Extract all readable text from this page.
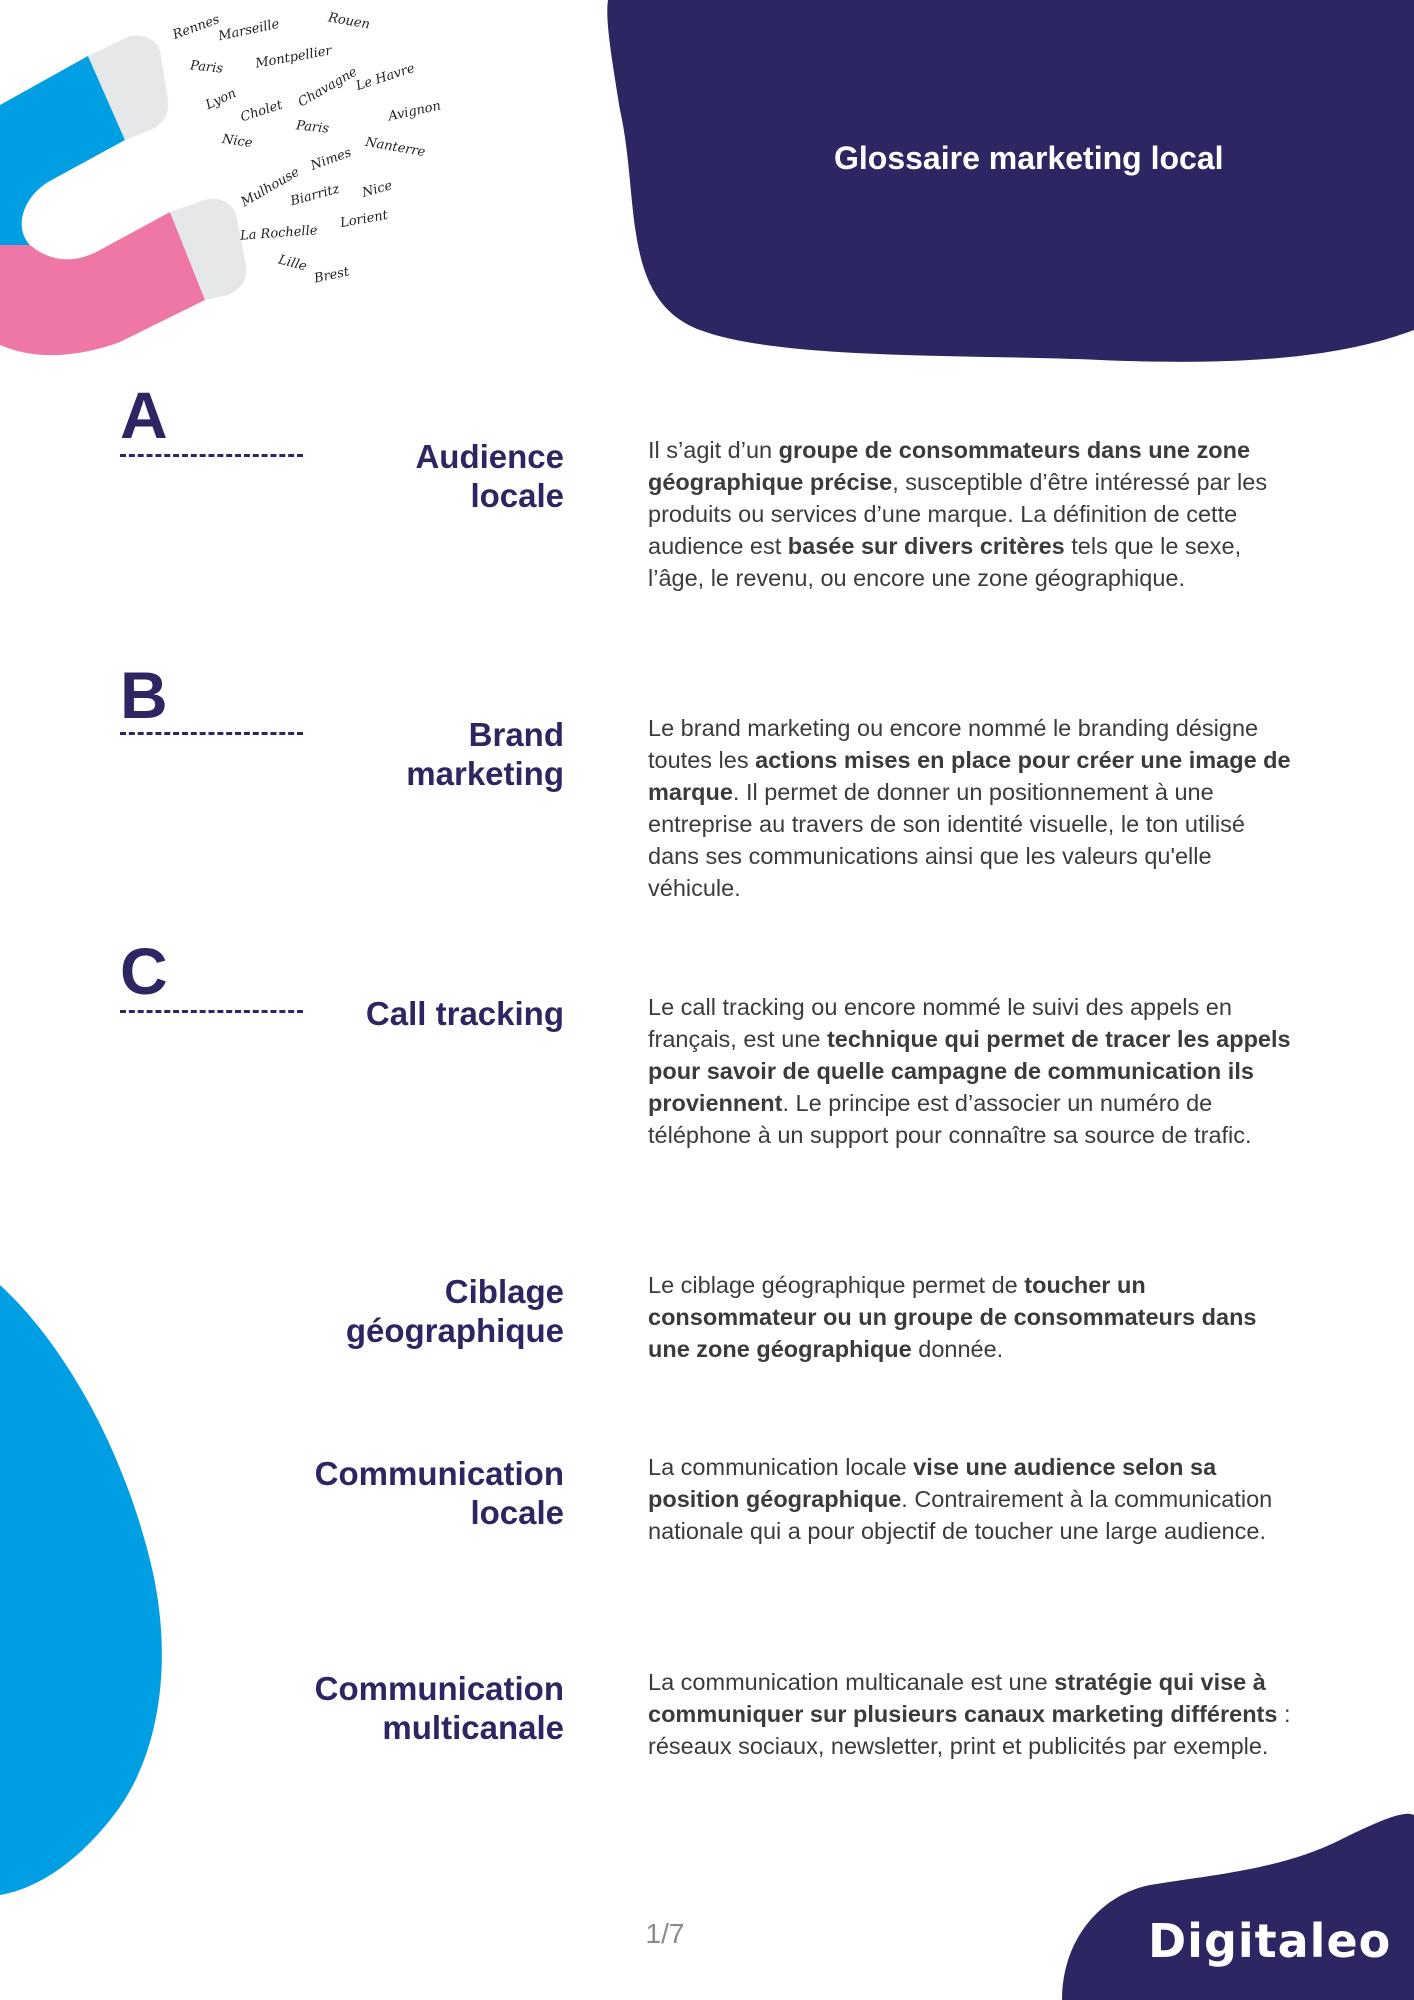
Rennes
Marseille	Rouen
Paris Montpellier
Lyon Cholet
Chavagne
Le Havre
Avignon
Nice
Paris
Nanterre
Mulhouse
Nimes
Biarritz Nice
La Rochelle
Lorient
Lille
Brest
Glossaire marketing local
A
B
C
Audience
locale
Il s’agit d’un groupe de consommateurs dans une zone géographique précise, susceptible d’être intéressé par les produits ou services d’une marque. La définition de cette audience est basée sur divers critères tels que le sexe, l’âge, le revenu, ou encore une zone géographique.
Brand
marketing
Le brand marketing ou encore nommé le branding désigne toutes les actions mises en place pour créer une image de marque. Il permet de donner un positionnement à une entreprise au travers de son identité visuelle, le ton utilisé dans ses communications ainsi que les valeurs qu'elle véhicule.
Call tracking	Le call tracking ou encore nommé le suivi des appels en français, est une technique qui permet de tracer les appels pour savoir de quelle campagne de communication ils proviennent. Le principe est d’associer un numéro de téléphone à un support pour connaître sa source de trafic.
Ciblage
géographique
Le ciblage géographique permet de toucher un consommateur ou un groupe de consommateurs dans une zone géographique donnée.
Communication
locale
La communication locale vise une audience selon sa position géographique. Contrairement à la communication nationale qui a pour objectif de toucher une large audience.
Communication
multicanale
La communication multicanale est une stratégie qui vise à communiquer sur plusieurs canaux marketing différents : réseaux sociaux, newsletter, print et publicités par exemple.
1/7	Digitaleo
